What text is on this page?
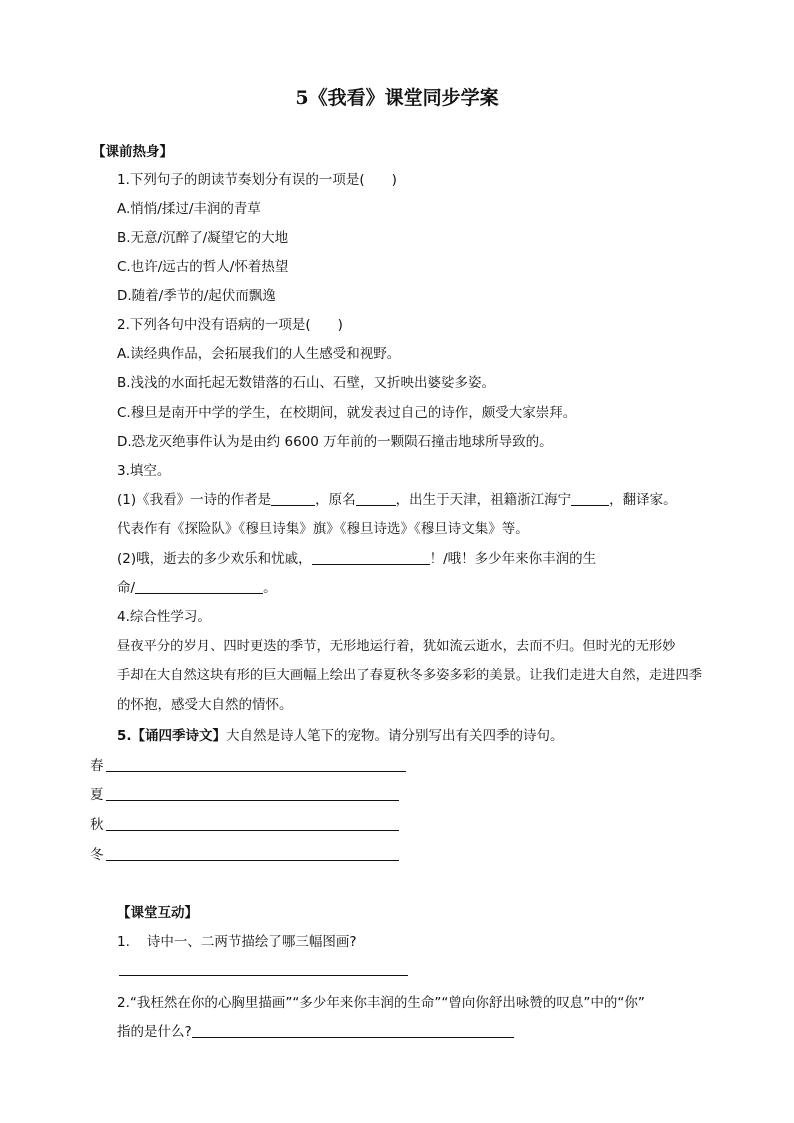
5《我看》课堂同步学案
【课前热身】
1.下列句子的朗读节奏划分有误的一项是(　　)
A.悄悄/揉过/丰润的青草
B.无意/沉醉了/凝望它的大地
C.也许/远古的哲人/怀着热望
D.随着/季节的/起伏而飘逸
2.下列各句中没有语病的一项是(　　)
A.读经典作品，会拓展我们的人生感受和视野。
B.浅浅的水面托起无数错落的石山、石壁，又折映出婆娑多姿。
C.穆旦是南开中学的学生，在校期间，就发表过自己的诗作，颇受大家崇拜。
D.恐龙灭绝事件认为是由约 6600 万年前的一颗陨石撞击地球所导致的。
3.填空。
(1)《我看》一诗的作者是	，原名	，出生于天津，祖籍浙江海宁	，翻译家。
代表作有《探险队》《穆旦诗集》旗》《穆旦诗选》《穆旦诗文集》等。
(2)哦，逝去的多少欢乐和忧戚，	！/哦！多少年来你丰润的生
命/	。
4.综合性学习。
昼夜平分的岁月、四时更迭的季节，无形地运行着，犹如流云逝水，去而不归。但时光的无形妙
手却在大自然这块有形的巨大画幅上绘出了春夏秋冬多姿多彩的美景。让我们走进大自然，走进四季
的怀抱，感受大自然的情怀。
5.【诵四季诗文】大自然是诗人笔下的宠物。请分别写出有关四季的诗句。
春
夏
秋
冬
【课堂互动】
1. 诗中一、二两节描绘了哪三幅图画?
2.“我枉然在你的心胸里描画”“多少年来你丰润的生命”“曾向你舒出咏赞的叹息”中的“你”
指的是什么?
